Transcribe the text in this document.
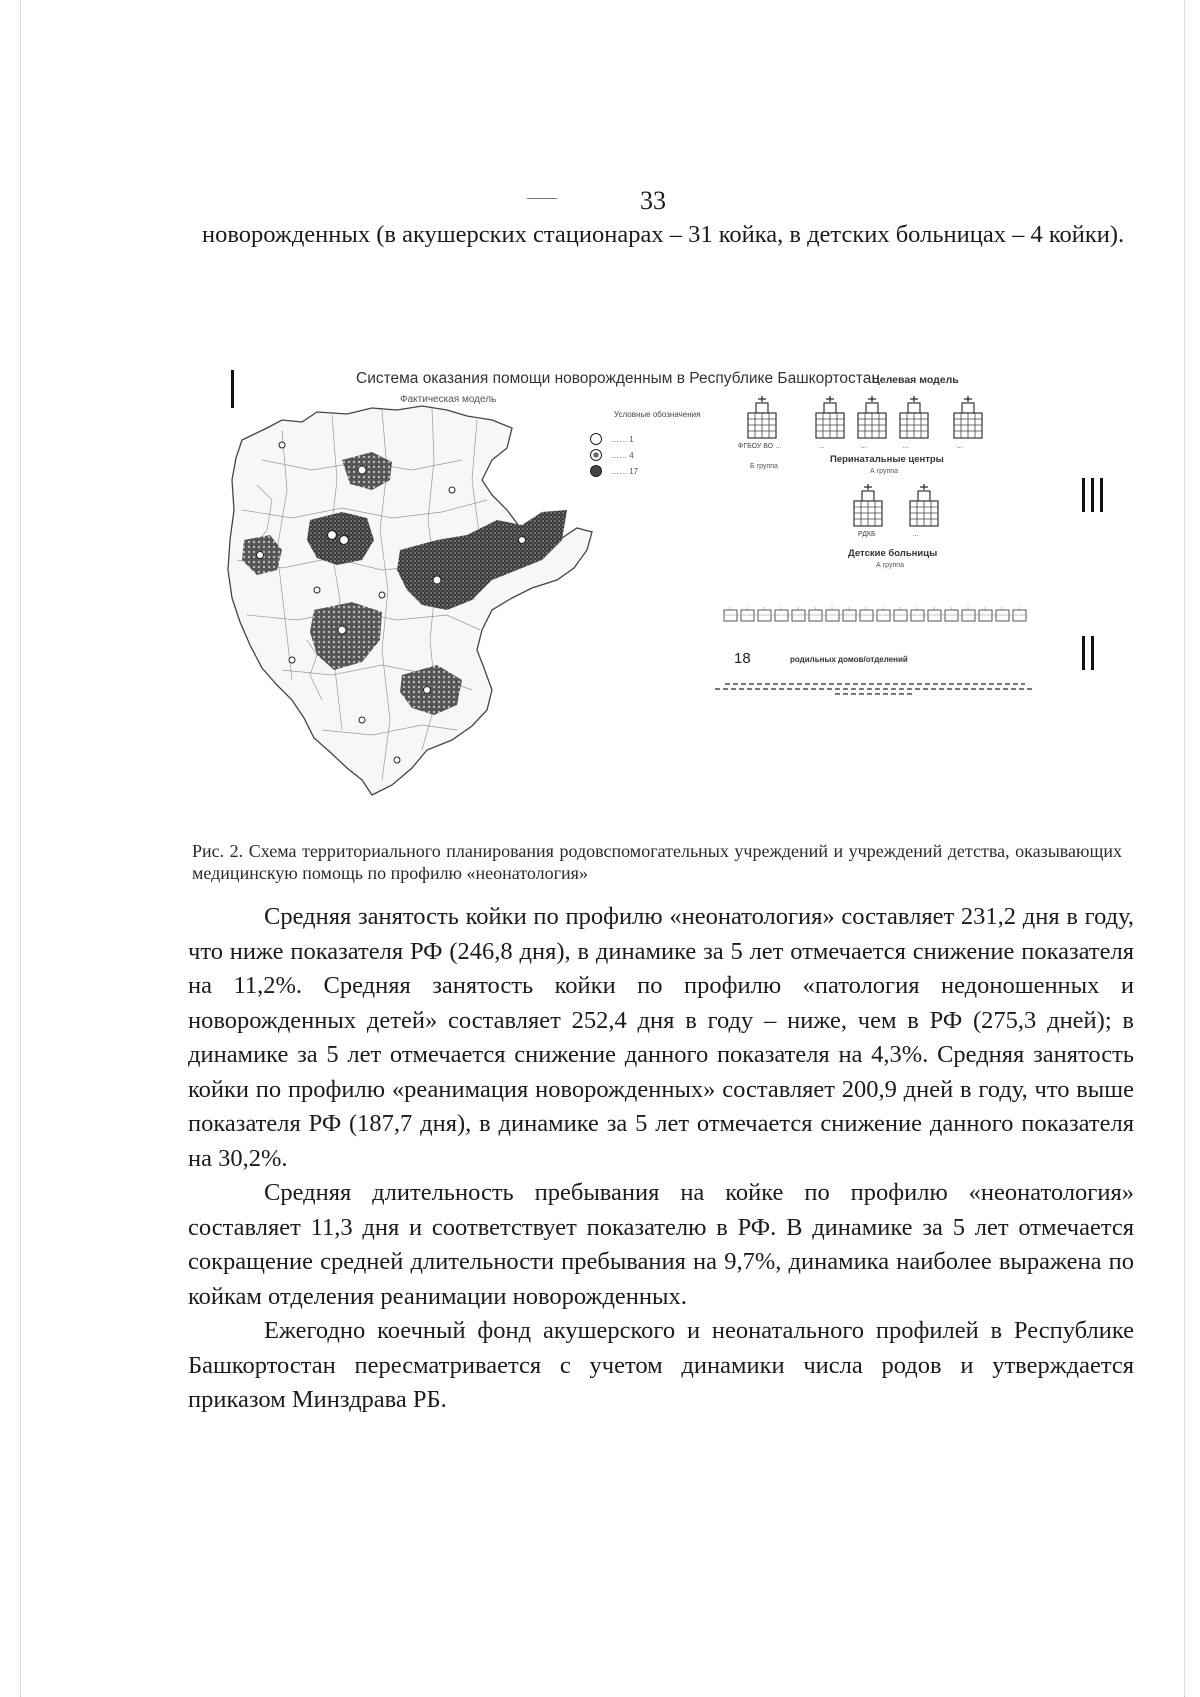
33

новорожденных (в акушерских стационарах – 31 койка, в детских больницах – 4 койки).

Система оказания помощи новорожденным в Республике Башкортостан
Фактическая модель
Условные обозначения
…… 1
…… 4
…… 17
Целевая модель
ФГБОУ ВО …
Б группа
…	…	…	…
Перинатальные центры
А группа
РДКБ	…
Детские больницы
А группа
18	родильных домов/отделений

Рис. 2. Схема территориального планирования родовспомогательных учреждений и учреждений детства, оказывающих медицинскую помощь по профилю «неонатология»

Средняя занятость койки по профилю «неонатология» составляет 231,2 дня в году, что ниже показателя РФ (246,8 дня), в динамике за 5 лет отмечается снижение показателя на 11,2%. Средняя занятость койки по профилю «патология недоношенных и новорожденных детей» составляет 252,4 дня в году – ниже, чем в РФ (275,3 дней); в динамике за 5 лет отмечается снижение данного показателя на 4,3%. Средняя занятость койки по профилю «реанимация новорожденных» составляет 200,9 дней в году, что выше показателя РФ (187,7 дня), в динамике за 5 лет отмечается снижение данного показателя на 30,2%.

Средняя длительность пребывания на койке по профилю «неонатология» составляет 11,3 дня и соответствует показателю в РФ. В динамике за 5 лет отмечается сокращение средней длительности пребывания на 9,7%, динамика наиболее выражена по койкам отделения реанимации новорожденных.

Ежегодно коечный фонд акушерского и неонатального профилей в Республике Башкортостан пересматривается с учетом динамики числа родов и утверждается приказом Минздрава РБ.
